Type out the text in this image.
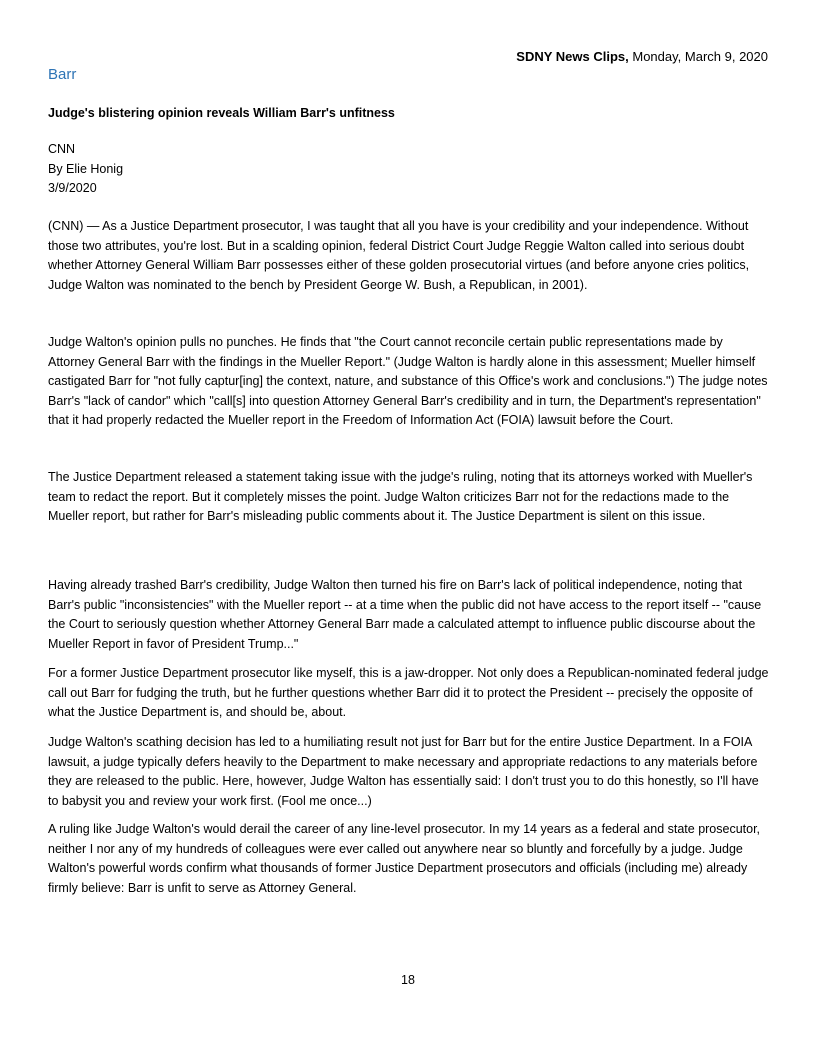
SDNY News Clips, Monday, March 9, 2020
Barr
Judge's blistering opinion reveals William Barr's unfitness
CNN
By Elie Honig
3/9/2020

(CNN) — As a Justice Department prosecutor, I was taught that all you have is your credibility and your independence. Without those two attributes, you're lost. But in a scalding opinion, federal District Court Judge Reggie Walton called into serious doubt whether Attorney General William Barr possesses either of these golden prosecutorial virtues (and before anyone cries politics, Judge Walton was nominated to the bench by President George W. Bush, a Republican, in 2001).

Judge Walton's opinion pulls no punches. He finds that "the Court cannot reconcile certain public representations made by Attorney General Barr with the findings in the Mueller Report." (Judge Walton is hardly alone in this assessment; Mueller himself castigated Barr for "not fully captur[ing] the context, nature, and substance of this Office's work and conclusions.") The judge notes Barr's "lack of candor" which "call[s] into question Attorney General Barr's credibility and in turn, the Department's representation" that it had properly redacted the Mueller report in the Freedom of Information Act (FOIA) lawsuit before the Court.

The Justice Department released a statement taking issue with the judge's ruling, noting that its attorneys worked with Mueller's team to redact the report. But it completely misses the point. Judge Walton criticizes Barr not for the redactions made to the Mueller report, but rather for Barr's misleading public comments about it. The Justice Department is silent on this issue.

Having already trashed Barr's credibility, Judge Walton then turned his fire on Barr's lack of political independence, noting that Barr's public "inconsistencies" with the Mueller report -- at a time when the public did not have access to the report itself -- "cause the Court to seriously question whether Attorney General Barr made a calculated attempt to influence public discourse about the Mueller Report in favor of President Trump..."

For a former Justice Department prosecutor like myself, this is a jaw-dropper. Not only does a Republican-nominated federal judge call out Barr for fudging the truth, but he further questions whether Barr did it to protect the President -- precisely the opposite of what the Justice Department is, and should be, about.

Judge Walton's scathing decision has led to a humiliating result not just for Barr but for the entire Justice Department. In a FOIA lawsuit, a judge typically defers heavily to the Department to make necessary and appropriate redactions to any materials before they are released to the public. Here, however, Judge Walton has essentially said: I don't trust you to do this honestly, so I'll have to babysit you and review your work first. (Fool me once...)

A ruling like Judge Walton's would derail the career of any line-level prosecutor. In my 14 years as a federal and state prosecutor, neither I nor any of my hundreds of colleagues were ever called out anywhere near so bluntly and forcefully by a judge. Judge Walton's powerful words confirm what thousands of former Justice Department prosecutors and officials (including me) already firmly believe: Barr is unfit to serve as Attorney General.

18
